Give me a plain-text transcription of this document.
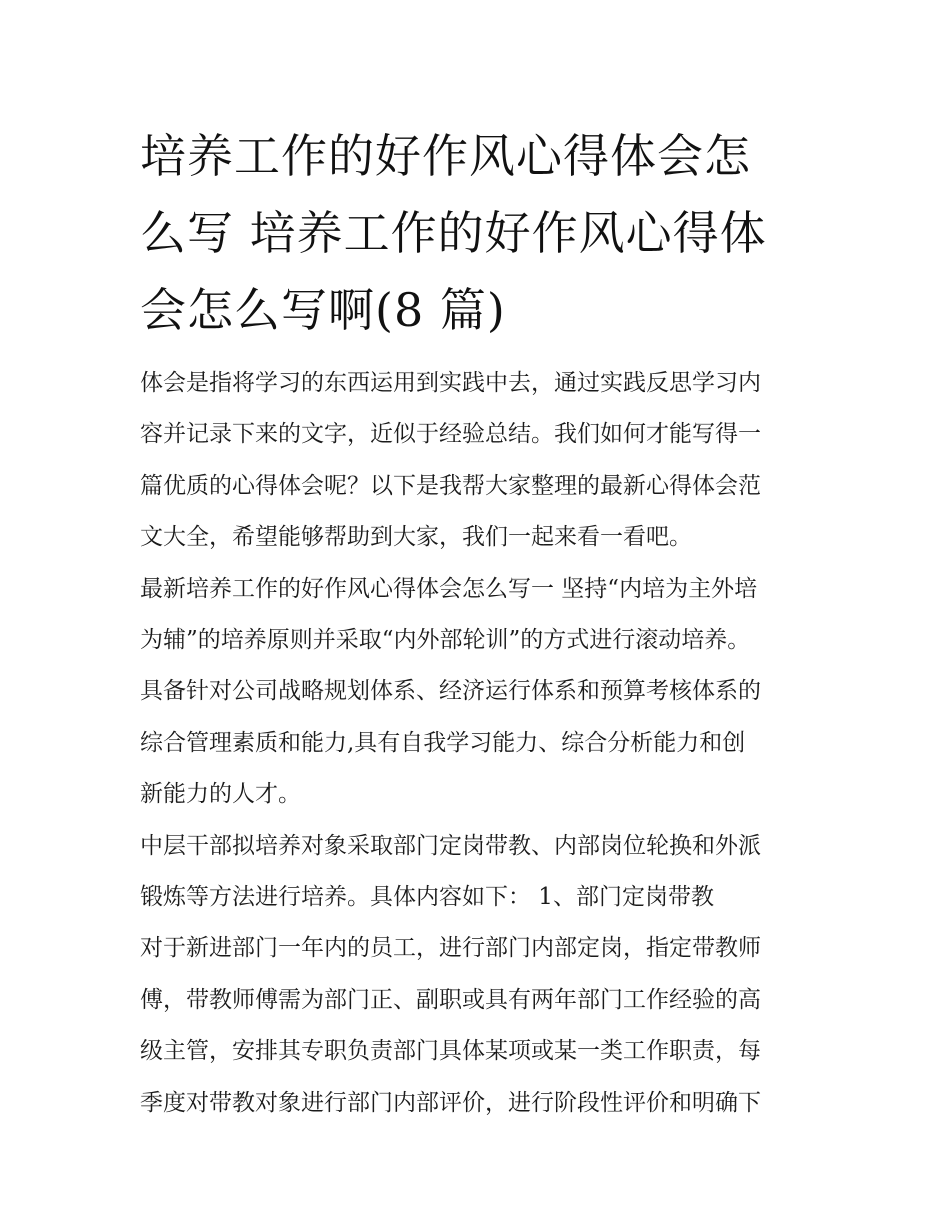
培养工作的好作风心得体会怎
么写 培养工作的好作风心得体
会怎么写啊(8 篇)

体会是指将学习的东西运用到实践中去，通过实践反思学习内
容并记录下来的文字，近似于经验总结。我们如何才能写得一
篇优质的心得体会呢？以下是我帮大家整理的最新心得体会范
文大全，希望能够帮助到大家，我们一起来看一看吧。

最新培养工作的好作风心得体会怎么写一 坚持“内培为主外培
为辅”的培养原则并采取“内外部轮训”的方式进行滚动培养。

具备针对公司战略规划体系、经济运行体系和预算考核体系的
综合管理素质和能力,具有自我学习能力、综合分析能力和创
新能力的人才。

中层干部拟培养对象采取部门定岗带教、内部岗位轮换和外派
锻炼等方法进行培养。具体内容如下： 1、部门定岗带教

对于新进部门一年内的员工，进行部门内部定岗，指定带教师
傅，带教师傅需为部门正、副职或具有两年部门工作经验的高
级主管，安排其专职负责部门具体某项或某一类工作职责，每
季度对带教对象进行部门内部评价，进行阶段性评价和明确下
